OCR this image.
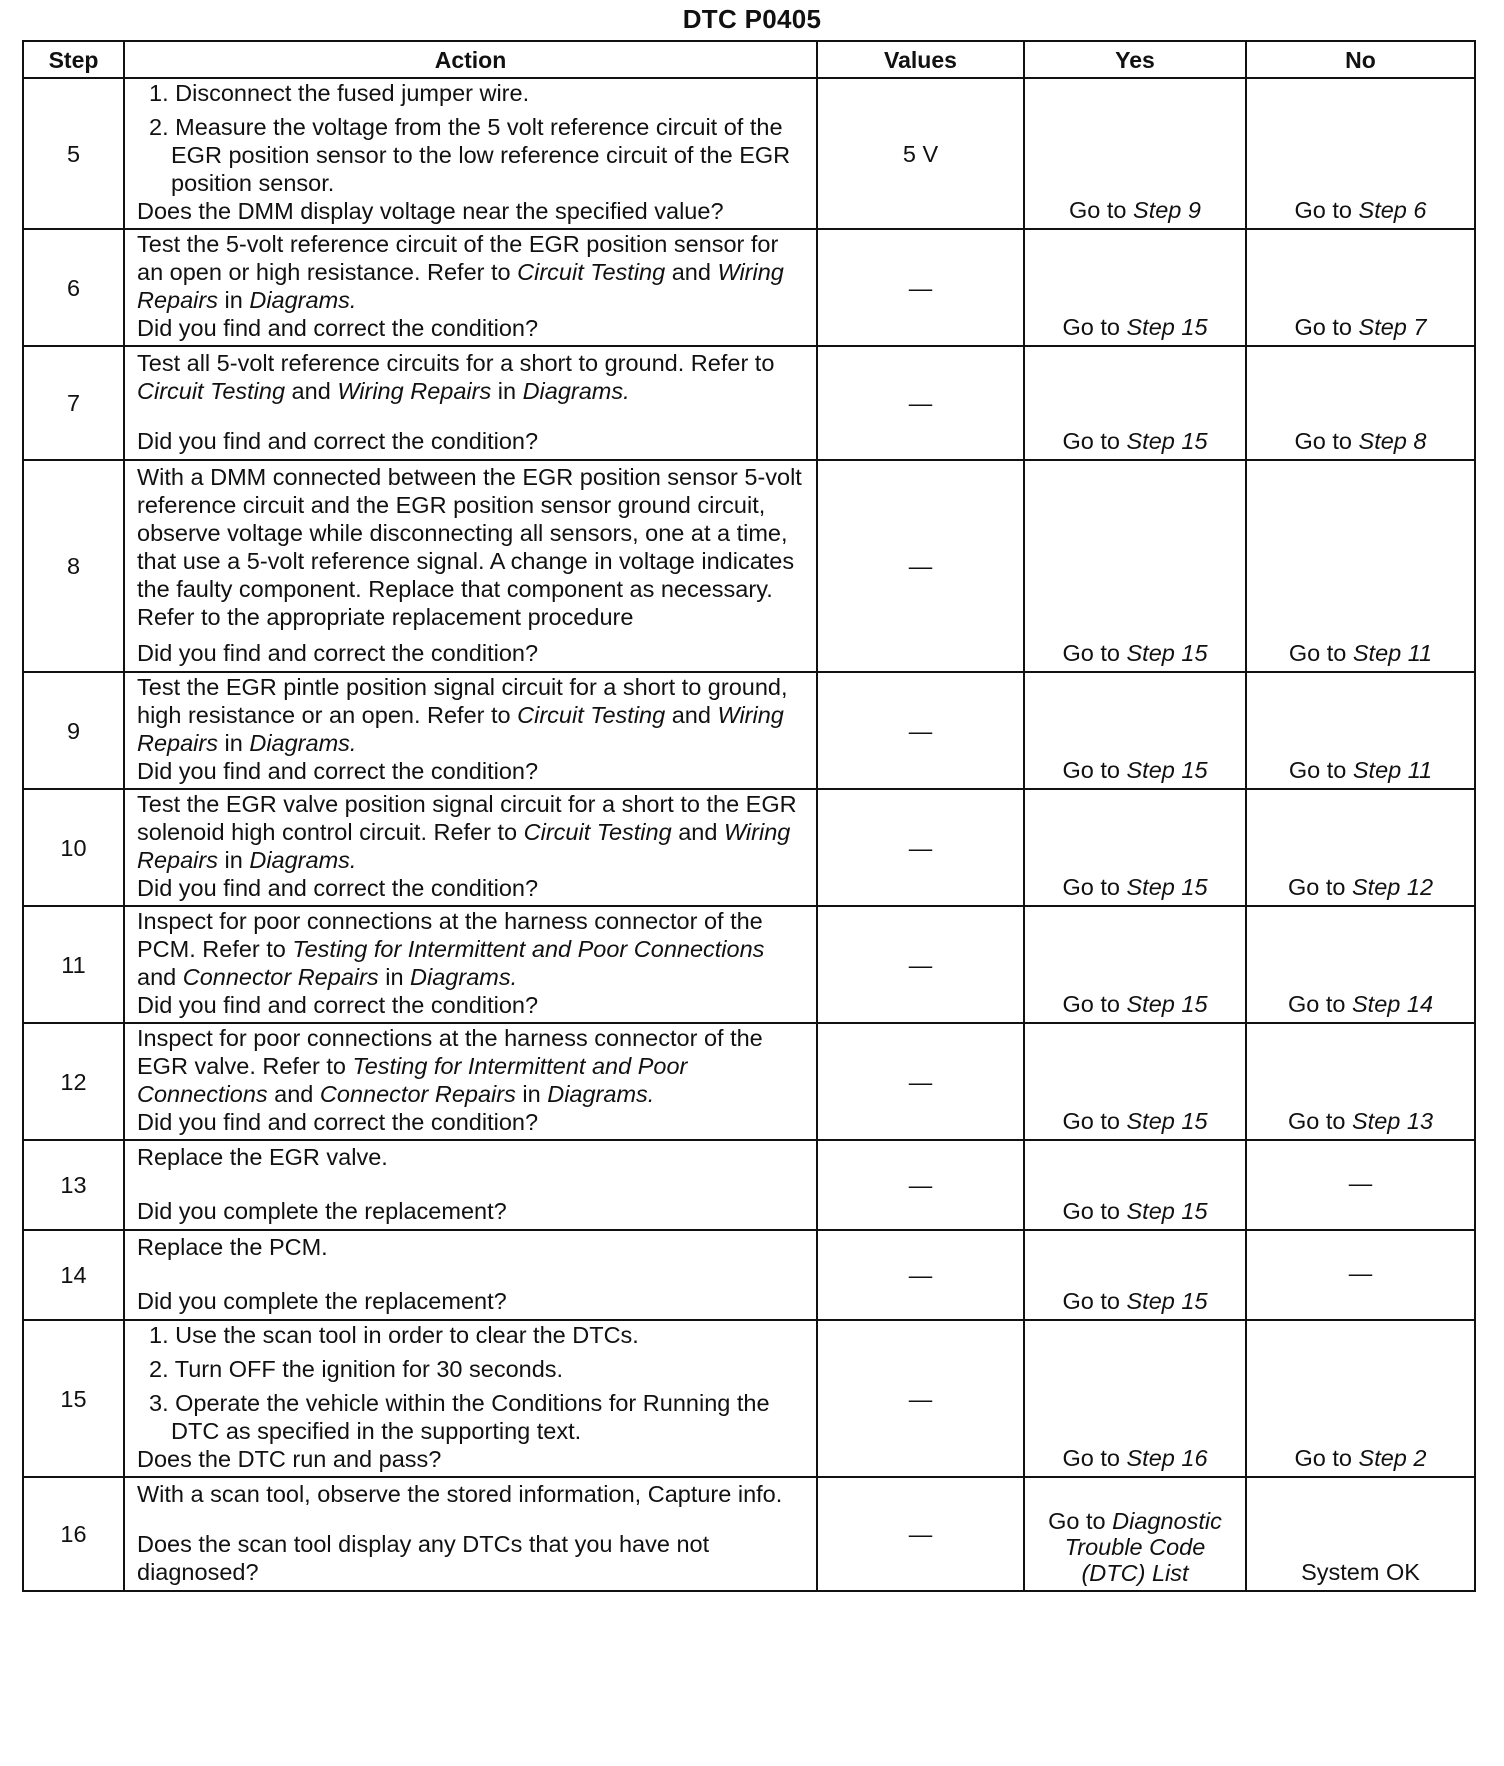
DTC P0405
Step	Action	Values	Yes	No
5	1. Disconnect the fused jumper wire.
2. Measure the voltage from the 5 volt reference circuit of the EGR position sensor to the low reference circuit of the EGR position sensor.
Does the DMM display voltage near the specified value?	5 V	Go to Step 9	Go to Step 6
6	Test the 5-volt reference circuit of the EGR position sensor for an open or high resistance. Refer to Circuit Testing and Wiring Repairs in Diagrams.
Did you find and correct the condition?	—	Go to Step 15	Go to Step 7
7	Test all 5-volt reference circuits for a short to ground. Refer to Circuit Testing and Wiring Repairs in Diagrams.
Did you find and correct the condition?	—	Go to Step 15	Go to Step 8
8	With a DMM connected between the EGR position sensor 5-volt reference circuit and the EGR position sensor ground circuit, observe voltage while disconnecting all sensors, one at a time, that use a 5-volt reference signal. A change in voltage indicates the faulty component. Replace that component as necessary. Refer to the appropriate replacement procedure
Did you find and correct the condition?	—	Go to Step 15	Go to Step 11
9	Test the EGR pintle position signal circuit for a short to ground, high resistance or an open. Refer to Circuit Testing and Wiring Repairs in Diagrams.
Did you find and correct the condition?	—	Go to Step 15	Go to Step 11
10	Test the EGR valve position signal circuit for a short to the EGR solenoid high control circuit. Refer to Circuit Testing and Wiring Repairs in Diagrams.
Did you find and correct the condition?	—	Go to Step 15	Go to Step 12
11	Inspect for poor connections at the harness connector of the PCM. Refer to Testing for Intermittent and Poor Connections and Connector Repairs in Diagrams.
Did you find and correct the condition?	—	Go to Step 15	Go to Step 14
12	Inspect for poor connections at the harness connector of the EGR valve. Refer to Testing for Intermittent and Poor Connections and Connector Repairs in Diagrams.
Did you find and correct the condition?	—	Go to Step 15	Go to Step 13
13	Replace the EGR valve.
Did you complete the replacement?	—	Go to Step 15	—
14	Replace the PCM.
Did you complete the replacement?	—	Go to Step 15	—
15	1. Use the scan tool in order to clear the DTCs.
2. Turn OFF the ignition for 30 seconds.
3. Operate the vehicle within the Conditions for Running the DTC as specified in the supporting text.
Does the DTC run and pass?	—	Go to Step 16	Go to Step 2
16	With a scan tool, observe the stored information, Capture info.
Does the scan tool display any DTCs that you have not diagnosed?	—	Go to Diagnostic Trouble Code (DTC) List	System OK
